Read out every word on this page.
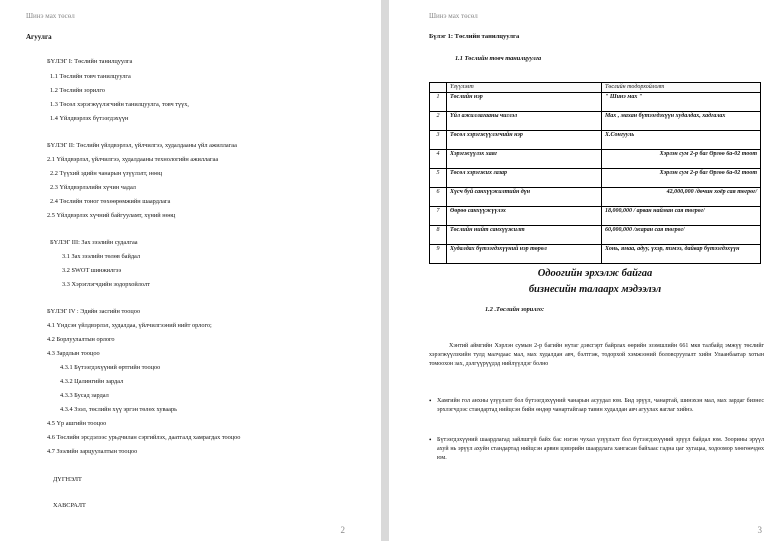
Шинэ мах төсөл
Агуулга
БҮЛЭГ I: Төслийн танилцуулга
1.1 Төслийн товч танилцуулга
1.2 Төслийн зорилго
1.3 Төсөл хэрэгжүүлэгчийн танилцуулга, товч түүх,
1.4 Үйлдвэрлэх бүтээгдэхүүн
БҮЛЭГ II: Төслийн үйлдвэрлэл, үйлчилгээ, худалдааны үйл ажиллагаа
2.1 Үйлдвэрлэл, үйлчилгээ, худалдааны технологийн ажиллагаа
2.2 Түүхий эдийн чанарын үзүүлэлт, нөөц
2.3 Үйлдвэрлэлийн хүчин чадал
2.4 Төслийн тоног төхөөрөмжийн шаардлага
2.5 Үйлдвэрлэх хүчний байгууламт, хүний нөөц
БҮЛЭГ III: Зах зээлийн судалгаа
3.1 Зах зээлийн төлөв байдал
3.2 SWOT шинжилгээ
3.3 Хэрэглэгчдийн зодорхойлолт
БҮЛЭГ IV : Эдийн засгийн тооцоо
4.1 Үндсэн үйлдвэрлэл, худалдаа, үйлчилгээний нийт орлого;
4.2 Борлуулалтын орлого
4.3 Зардлын тооцоо
4.3.1 Бүтээгдэхүүний өртгийн тооцоо
4.3.2 Цалингийн зардал
4.3.3 Бусад зардал
4.3.4 Зээл, төслийн хүү эргэн төлөх хуваарь
4.5 Үр ашгийн тооцоо
4.6 Төслийн эрсдэлээс урьдчилан сэргийлэх, даатгалд хамрагдах тооцоо
4.7 Зээлийн зарцуулалтын тооцоо
ДҮГНЭЛТ
ХАВСРАЛТ
2
Шинэ мах төсөл
Бүлэг 1: Төслийн танилцуулга
1.1 Төслийн товч танилцуулга
	Үзүүлэлт	Төслийн тодорхойлолт
1	Төслийн нэр	" Шинэ мах "
2	Үйл ажиллагааны чиглэл	Мах , махан бүтээгдэхүүн худалдах, хадгалах
3	Төсөл хэрэгжүүлэгчийн нэр	Х.Сонгууль
4	Хэрэгжүүлэх хаяг	Хэрлэн сум 2-р баг Өргөө 6а-02 тоот
5	Төсөл хэрэгжих газар	Хэрлэн сум 2-р баг Өргөө 6а-02 тоот
6	Хүсч буй санхүүжилтийн дүн	42,000,000 /дөчин хоёр сая төгрөг/
7	Өөрөө санхүүжүүлэх	18,000,000 / арван найман сая төгрөг/
8	Төслийн нийт санхүүжилт	60,000,000 /жаран сая төгрөг/
9	Худалдах бүтээгдэхүүний нэр төрөл	Хонь, ямаа, адуу, үхэр, тэмээ, дайвар бүтээгдэхүүн
Одоогийн эрхэлж байгаа
бизнесийн талаарх мэдээлэл
1.2 .Төслийн зорилго:
Хэнтий аймгийн Хэрлэн сумын 2-р багийн нутаг дэвсгэрт байрлах өөрийн эзэмшлийн 661 мкв талбайд эмжүү төслийг хэрэгжүүлэхийн тулд малчдаас мал, мах худалдан авч, бэлтгэж, тодорхой хэмжээний боловсруулалт хийн Улаанбаатар хотын томоохон зах, дэлгүүрүүдэд нийлүүлдэг болно
• Хамгийн гол анхны үзүүлэлт бол бүтээгдэхүүний чанарын асуудал юм. Бид эрүүл, чанартай, шинэхэн мал, мах зардаг бизнес эрхлэгчдээс стандартад нийцсэн бийн өндөр чанартайгаар тавин худалдан авч агуулах яаглаг хийнэ.
• Бүтээгдэхүүний шаардлагад зайлшгүй байх бас нэгэн чухал үзүүлэлт бол бүтээгдэхүүний эрүүл байдал юм. Зоорины эрүүл ахуй нь эрүүл ахуйн стандартад нийцсэн арвин цэвэрийн шаардлага хангасан байхаас гадна цаг хугацаа, ходоомор хөөгөөчдөх юм.
3
